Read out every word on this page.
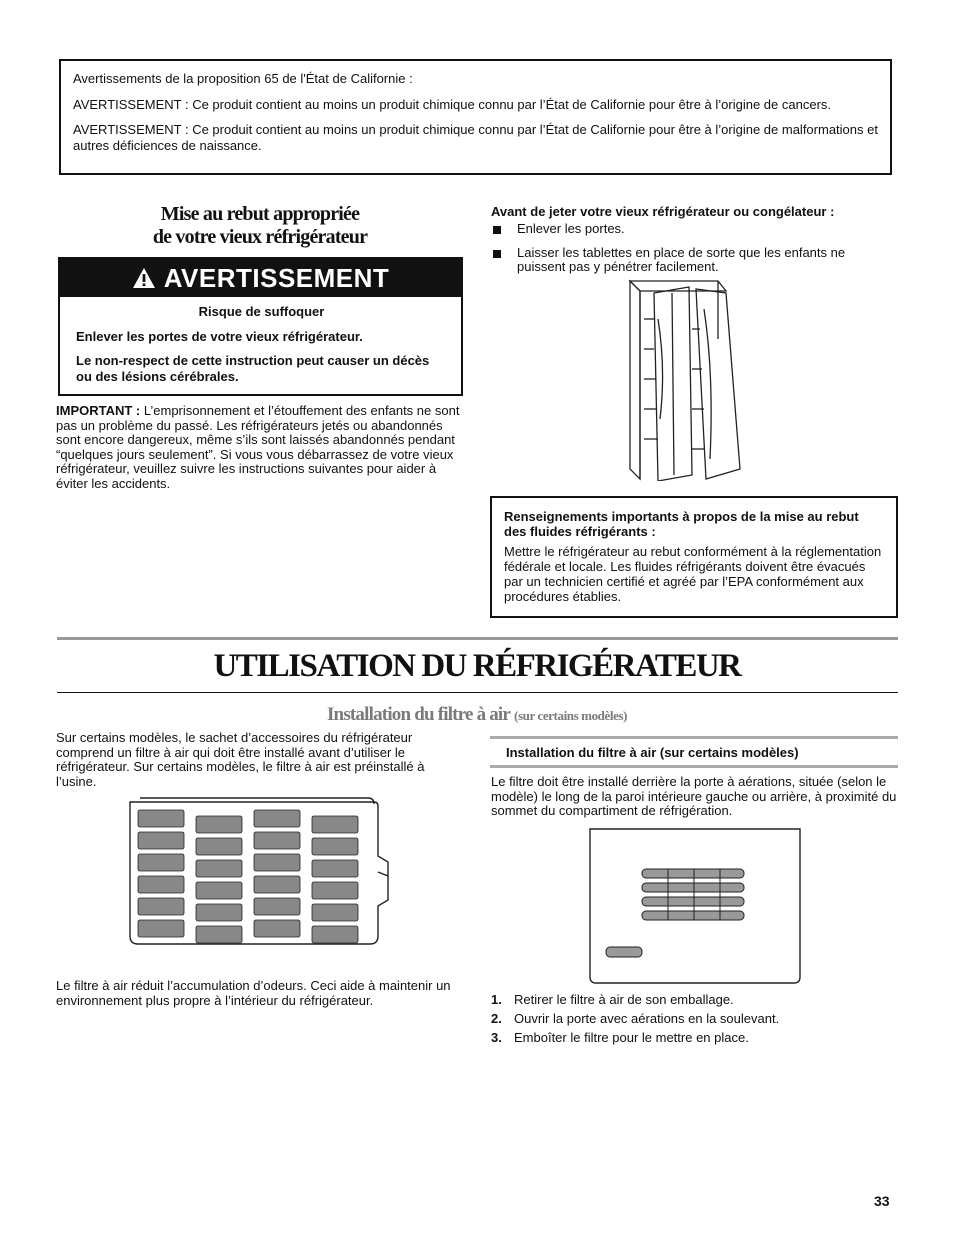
Avertissements de la proposition 65 de l'État de Californie :

AVERTISSEMENT : Ce produit contient au moins un produit chimique connu par l’État de Californie pour être à l’origine de cancers.

AVERTISSEMENT : Ce produit contient au moins un produit chimique connu par l’État de Californie pour être à l’origine de malformations et autres déficiences de naissance.

Mise au rebut appropriée
de votre vieux réfrigérateur
AVERTISSEMENT

Risque de suffoquer

Enlever les portes de votre vieux réfrigérateur.

Le non-respect de cette instruction peut causer un décès ou des lésions cérébrales.

IMPORTANT : L’emprisonnement et l’étouffement des enfants ne sont pas un problème du passé. Les réfrigérateurs jetés ou abandonnés sont encore dangereux, même s’ils sont laissés abandonnés pendant “quelques jours seulement”. Si vous vous débarrassez de votre vieux réfrigérateur, veuillez suivre les instructions suivantes pour aider à éviter les accidents.
Avant de jeter votre vieux réfrigérateur ou congélateur :
Enlever les portes.
Laisser les tablettes en place de sorte que les enfants ne puissent pas y pénétrer facilement.

Renseignements importants à propos de la mise au rebut des fluides réfrigérants :

Mettre le réfrigérateur au rebut conformément à la réglementation fédérale et locale. Les fluides réfrigérants doivent être évacués par un technicien certifié et agréé par l’EPA conformément aux procédures établies.

UTILISATION DU RÉFRIGÉRATEUR
Installation du filtre à air (sur certains modèles)
Sur certains modèles, le sachet d’accessoires du réfrigérateur comprend un filtre à air qui doit être installé avant d’utiliser le réfrigérateur. Sur certains modèles, le filtre à air est préinstallé à l’usine.
Le filtre à air réduit l’accumulation d’odeurs. Ceci aide à maintenir un environnement plus propre à l’intérieur du réfrigérateur.
Installation du filtre à air (sur certains modèles)
Le filtre doit être installé derrière la porte à aérations, située (selon le modèle) le long de la paroi intérieure gauche ou arrière, à proximité du sommet du compartiment de réfrigération.
1. Retirer le filtre à air de son emballage.
2. Ouvrir la porte avec aérations en la soulevant.
3. Emboîter le filtre pour le mettre en place.
33
